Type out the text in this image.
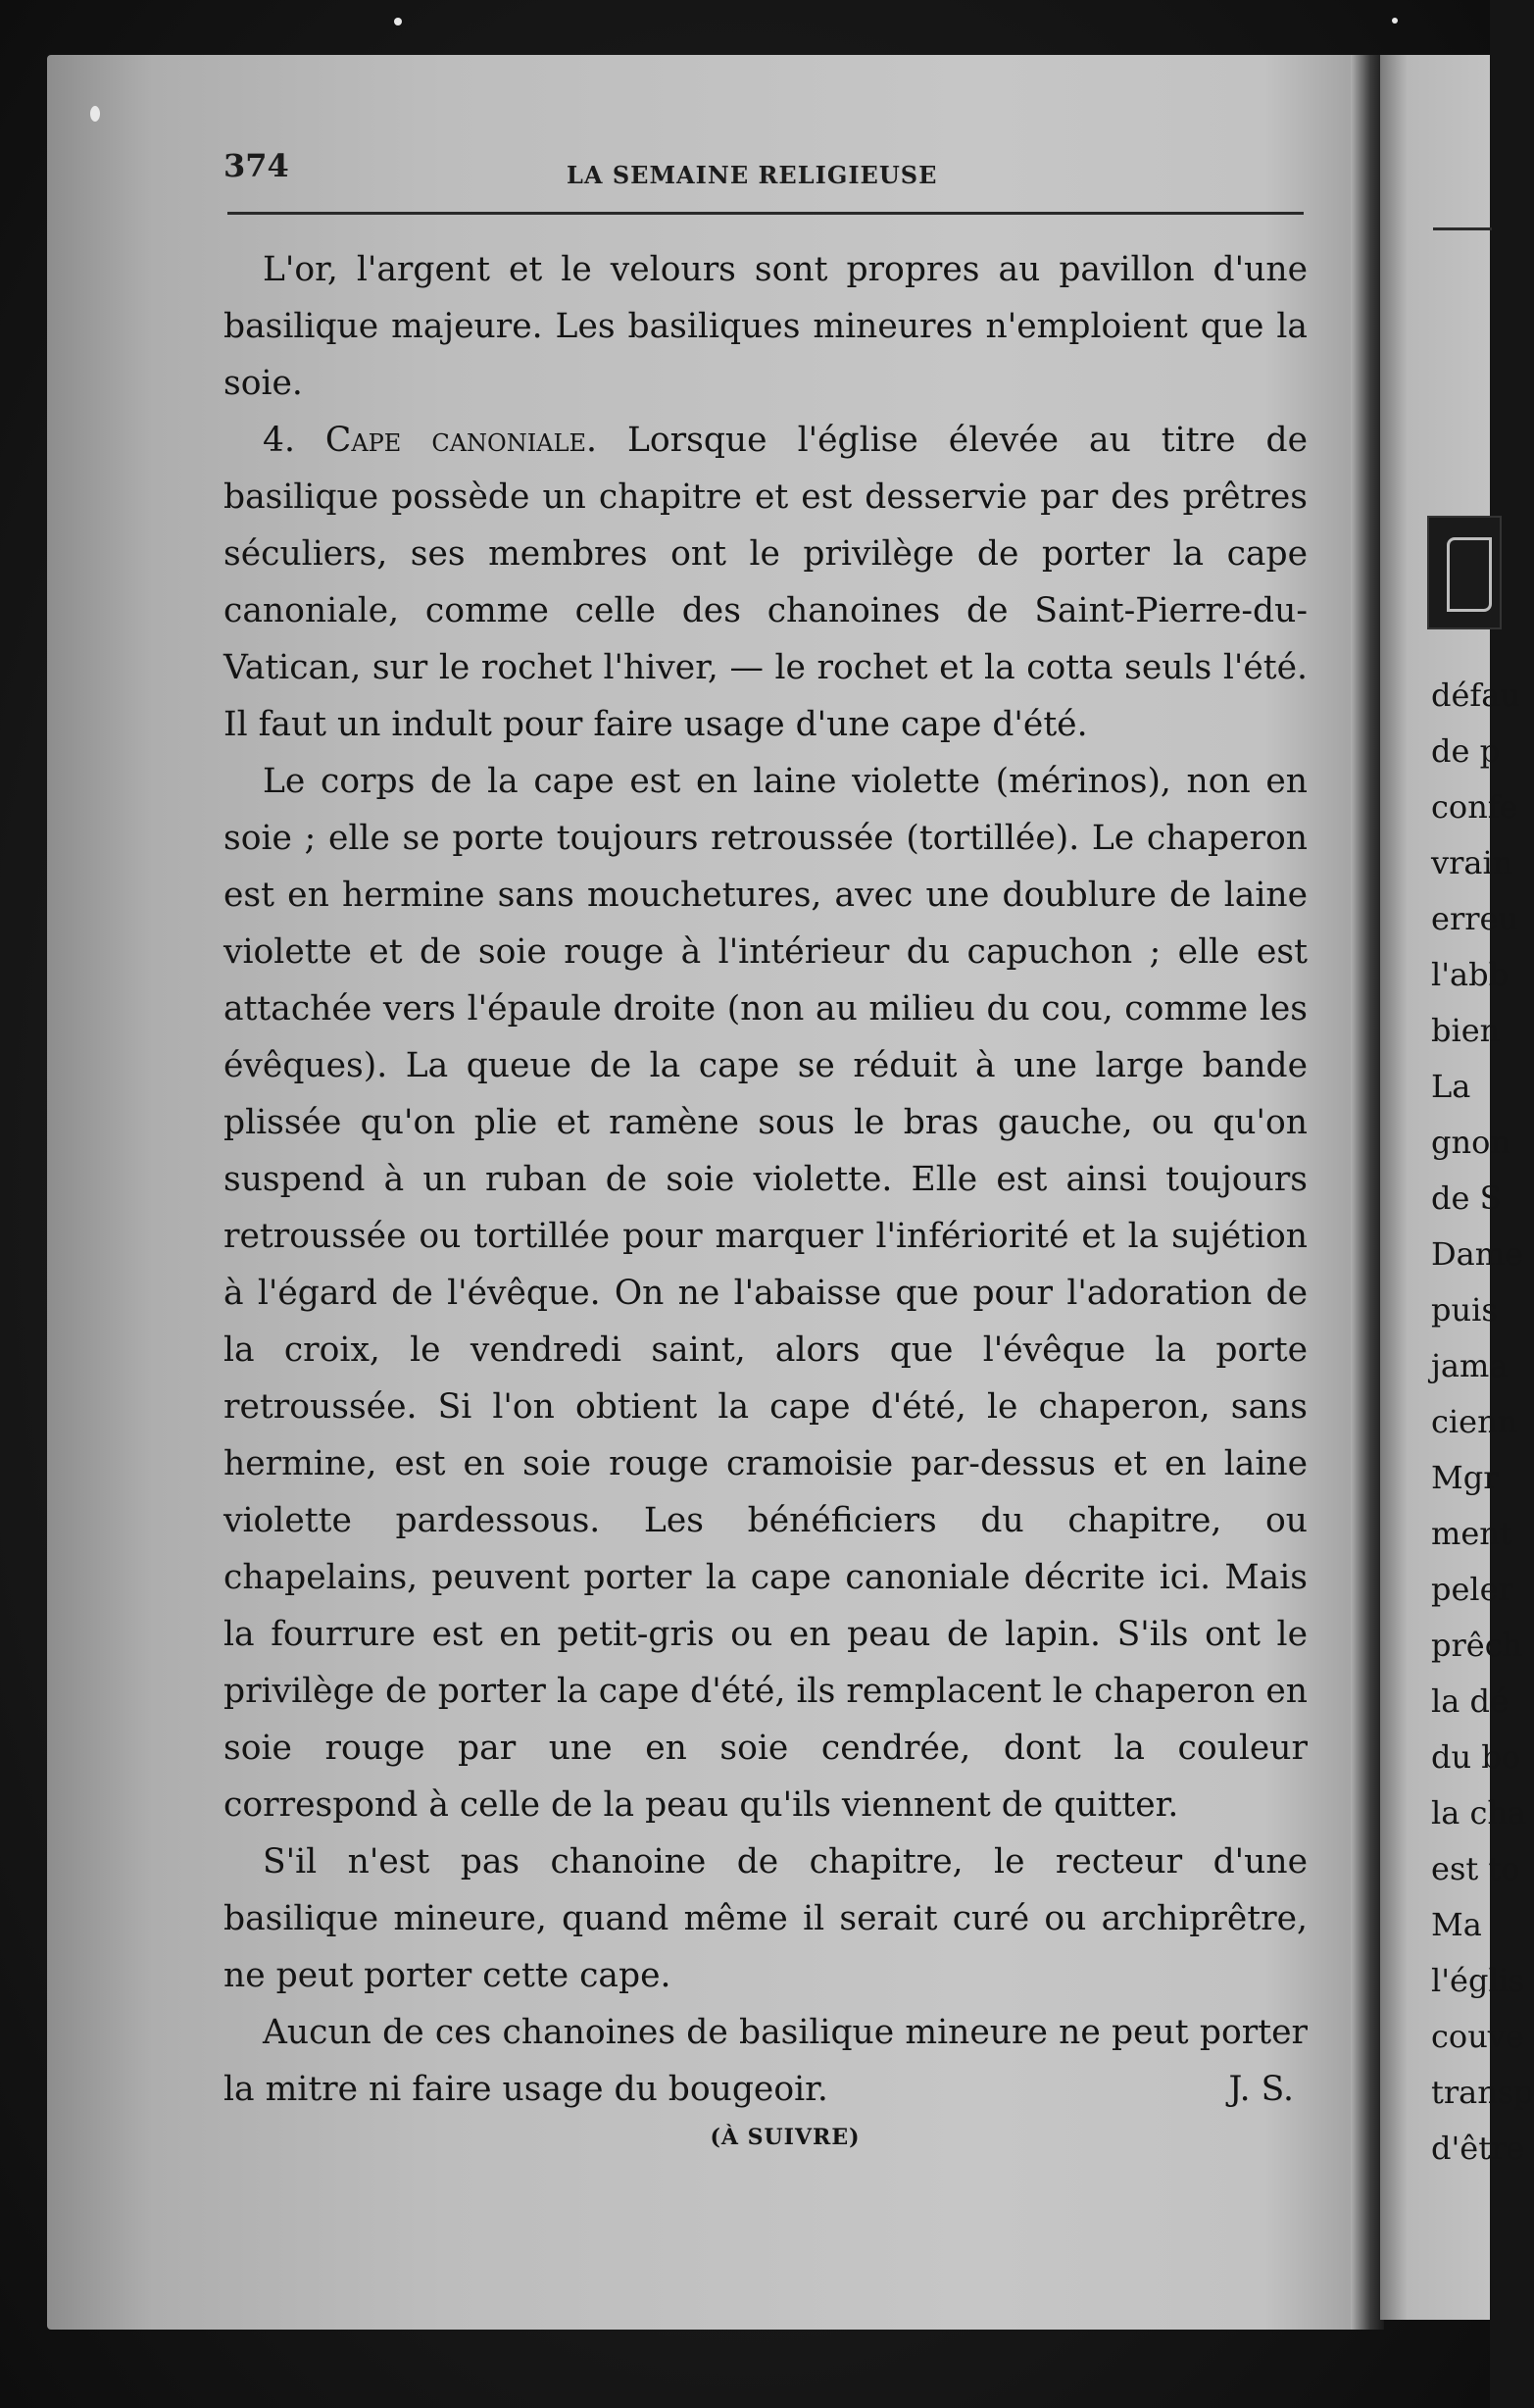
374	LA SEMAINE RELIGIEUSE

L'or, l'argent et le velours sont propres au pavillon d'une basilique majeure. Les basiliques mineures n'emploient que la soie.

4. Cape canoniale. Lorsque l'église élevée au titre de basilique possède un chapitre et est desservie par des prêtres séculiers, ses membres ont le privilège de porter la cape canoniale, comme celle des chanoines de Saint-Pierre-du-Vatican, sur le rochet l'hiver, — le rochet et la cotta seuls l'été. Il faut un indult pour faire usage d'une cape d'été.

Le corps de la cape est en laine violette (mérinos), non en soie ; elle se porte toujours retroussée (tortillée). Le chaperon est en hermine sans mouchetures, avec une doublure de laine violette et de soie rouge à l'intérieur du capuchon ; elle est attachée vers l'épaule droite (non au milieu du cou, comme les évêques). La queue de la cape se réduit à une large bande plissée qu'on plie et ramène sous le bras gauche, ou qu'on suspend à un ruban de soie violette. Elle est ainsi toujours retroussée ou tortillée pour marquer l'infériorité et la sujétion à l'égard de l'évêque. On ne l'abaisse que pour l'adoration de la croix, le vendredi saint, alors que l'évêque la porte retroussée. Si l'on obtient la cape d'été, le chaperon, sans hermine, est en soie rouge cramoisie par-dessus et en laine violette pardessous. Les bénéficiers du chapitre, ou chapelains, peuvent porter la cape canoniale décrite ici. Mais la fourrure est en petit-gris ou en peau de lapin. S'ils ont le privilège de porter la cape d'été, ils remplacent le chaperon en soie rouge par une en soie cendrée, dont la couleur correspond à celle de la peau qu'ils viennent de quitter.

S'il n'est pas chanoine de chapitre, le recteur d'une basilique mineure, quand même il serait curé ou archiprêtre, ne peut porter cette cape.

Aucun de ces chanoines de basilique mineure ne peut porter la mitre ni faire usage du bougeoir.	J. S.

(À SUIVRE)

défau
de p
confe
vrain
erreu
l'abb
bien
La
gnon
de S
Dame
puis
jama
cienn
Mgr
ment
peler
prêch
la dé
du bo
la cha
est to
Ma
l'églis
couve
transp
d'être
